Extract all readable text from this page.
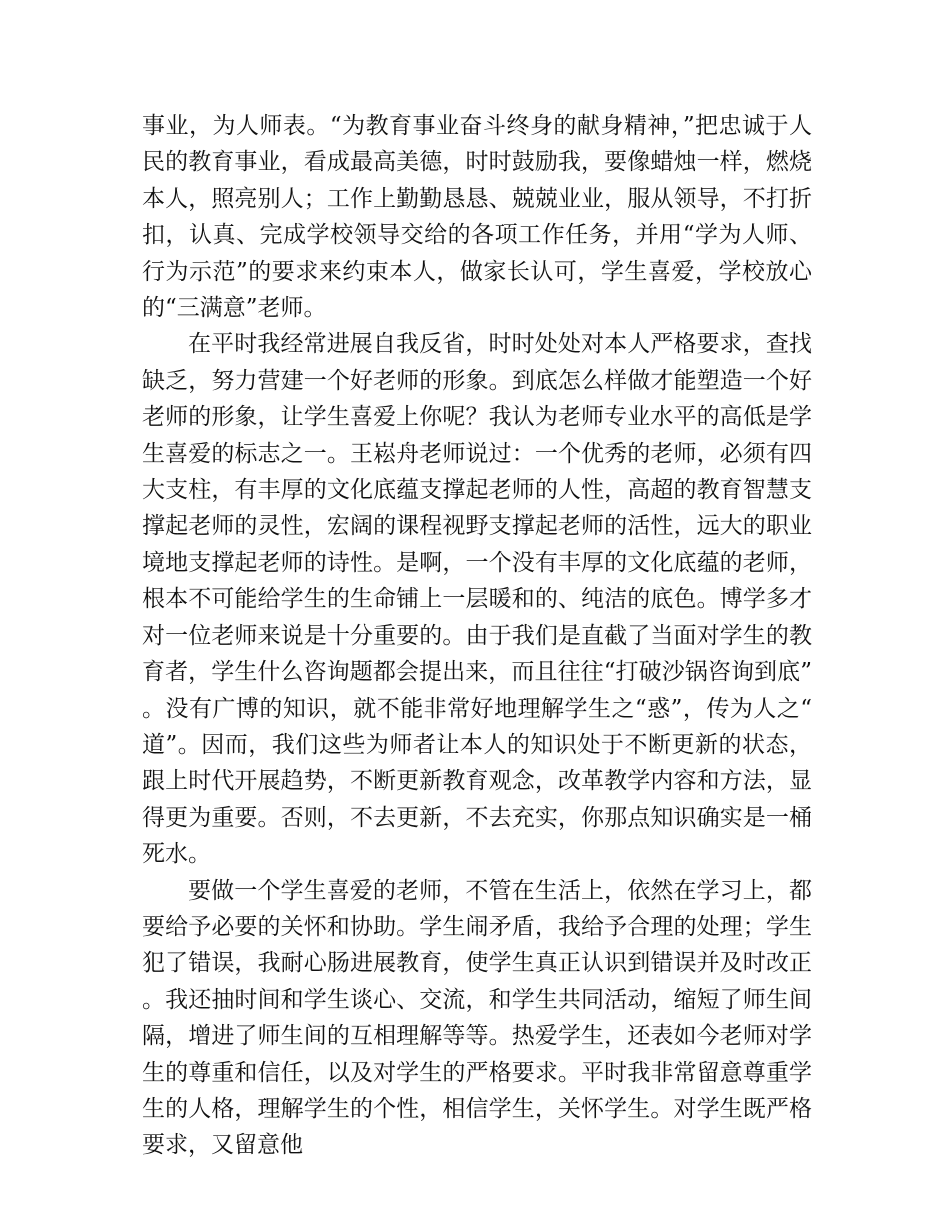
事业，为人师表。“为教育事业奋斗终身的献身精神，”把忠诚于人民的教育事业，看成最高美德，时时鼓励我，要像蜡烛一样，燃烧本人，照亮别人；工作上勤勤恳恳、兢兢业业，服从领导，不打折扣，认真、完成学校领导交给的各项工作任务，并用“学为人师、行为示范”的要求来约束本人，做家长认可，学生喜爱，学校放心的“三满意”老师。

在平时我经常进展自我反省，时时处处对本人严格要求，查找缺乏，努力营建一个好老师的形象。到底怎么样做才能塑造一个好老师的形象，让学生喜爱上你呢？我认为老师专业水平的高低是学生喜爱的标志之一。王崧舟老师说过：一个优秀的老师，必须有四大支柱，有丰厚的文化底蕴支撑起老师的人性，高超的教育智慧支撑起老师的灵性，宏阔的课程视野支撑起老师的活性，远大的职业境地支撑起老师的诗性。是啊，一个没有丰厚的文化底蕴的老师，根本不可能给学生的生命铺上一层暖和的、纯洁的底色。博学多才对一位老师来说是十分重要的。由于我们是直截了当面对学生的教育者，学生什么咨询题都会提出来，而且往往“打破沙锅咨询到底”。没有广博的知识，就不能非常好地理解学生之“惑”，传为人之“道”。因而，我们这些为师者让本人的知识处于不断更新的状态，跟上时代开展趋势，不断更新教育观念，改革教学内容和方法，显得更为重要。否则，不去更新，不去充实，你那点知识确实是一桶死水。

要做一个学生喜爱的老师，不管在生活上，依然在学习上，都要给予必要的关怀和协助。学生闹矛盾，我给予合理的处理；学生犯了错误，我耐心肠进展教育，使学生真正认识到错误并及时改正。我还抽时间和学生谈心、交流，和学生共同活动，缩短了师生间隔，增进了师生间的互相理解等等。热爱学生，还表如今老师对学生的尊重和信任，以及对学生的严格要求。平时我非常留意尊重学生的人格，理解学生的个性，相信学生，关怀学生。对学生既严格要求，又留意他
